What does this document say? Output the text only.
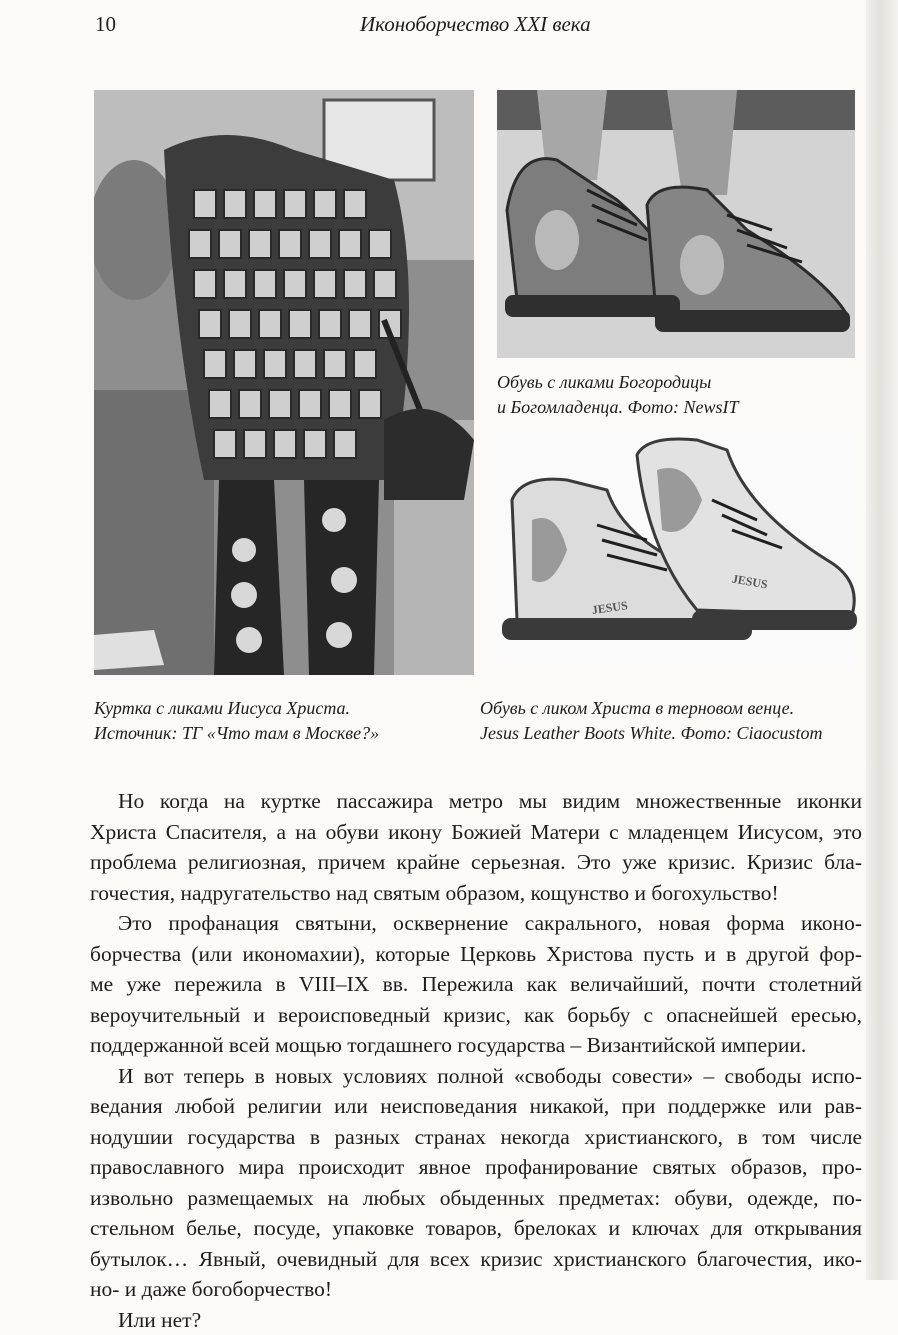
10	Иконоборчество XXI века
Обувь с ликами Богородицы
и Богомладенца. Фото: NewsIT
JESUS
JESUS
Куртка с ликами Иисуса Христа.
Источник: ТГ «Что там в Москве?»
Обувь с ликом Христа в терновом венце.
Jesus Leather Boots White. Фото: Ciaocustom

Но когда на куртке пассажира метро мы видим множественные иконки
Христа Спасителя, а на обуви икону Божией Матери с младенцем Иисусом, это
проблема религиозная, причем крайне серьезная. Это уже кризис. Кризис бла-
гочестия, надругательство над святым образом, кощунство и богохульство!

Это профанация святыни, осквернение сакрального, новая форма иконо-
борчества (или икономахии), которые Церковь Христова пусть и в другой фор-
ме уже пережила в VIII–IX вв. Пережила как величайший, почти столетний
вероучительный и вероисповедный кризис, как борьбу с опаснейшей ересью,
поддержанной всей мощью тогдашнего государства – Византийской империи.

И вот теперь в новых условиях полной «свободы совести» – свободы испо-
ведания любой религии или неисповедания никакой, при поддержке или рав-
нодушии государства в разных странах некогда христианского, в том числе
православного мира происходит явное профанирование святых образов, про-
извольно размещаемых на любых обыденных предметах: обуви, одежде, по-
стельном белье, посуде, упаковке товаров, брелоках и ключах для открывания
бутылок… Явный, очевидный для всех кризис христианского благочестия, ико-
но- и даже богоборчество!

Или нет?
